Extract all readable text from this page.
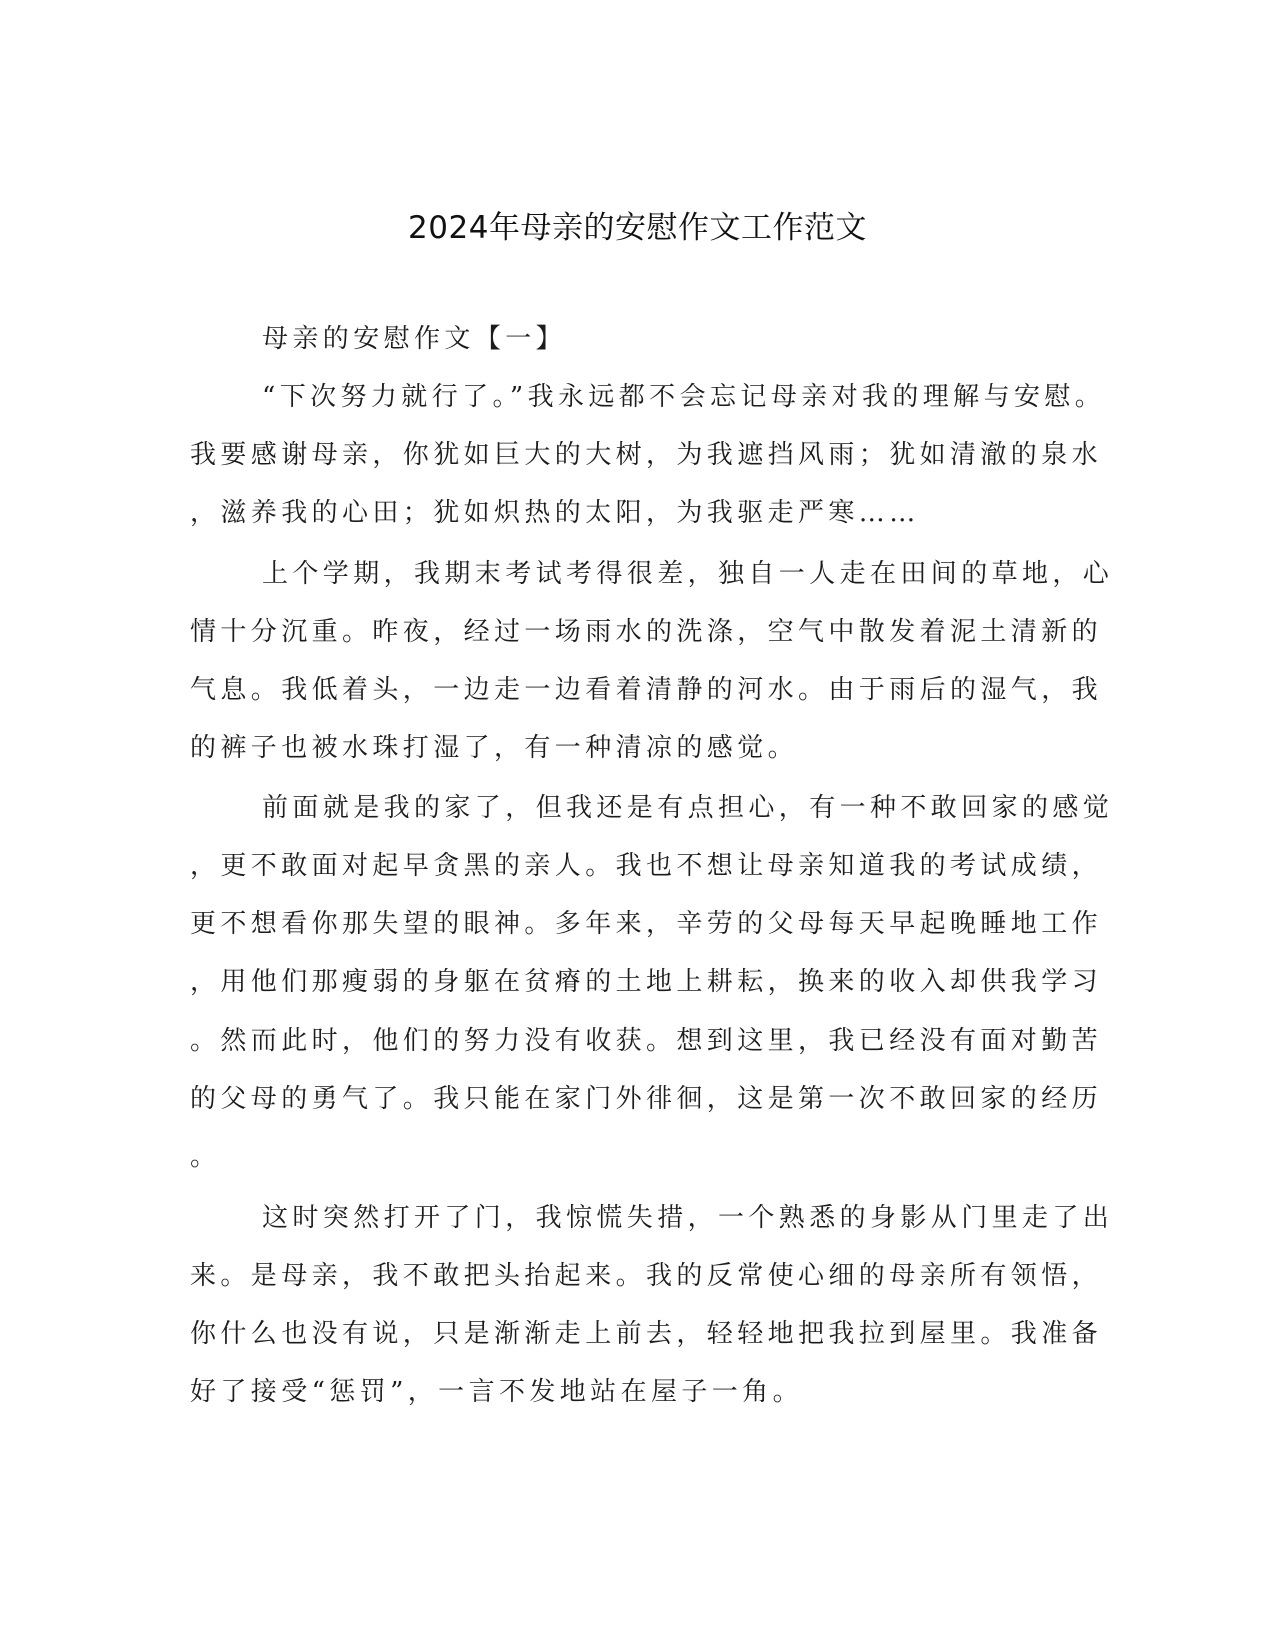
2024年母亲的安慰作文工作范文
母亲的安慰作文【一】
“下次努力就行了。”我永远都不会忘记母亲对我的理解与安慰。
我要感谢母亲，你犹如巨大的大树，为我遮挡风雨；犹如清澈的泉水
，滋养我的心田；犹如炽热的太阳，为我驱走严寒……
上个学期，我期末考试考得很差，独自一人走在田间的草地，心
情十分沉重。昨夜，经过一场雨水的洗涤，空气中散发着泥土清新的
气息。我低着头，一边走一边看着清静的河水。由于雨后的湿气，我
的裤子也被水珠打湿了，有一种清凉的感觉。
前面就是我的家了，但我还是有点担心，有一种不敢回家的感觉
，更不敢面对起早贪黑的亲人。我也不想让母亲知道我的考试成绩，
更不想看你那失望的眼神。多年来，辛劳的父母每天早起晚睡地工作
，用他们那瘦弱的身躯在贫瘠的土地上耕耘，换来的收入却供我学习
。然而此时，他们的努力没有收获。想到这里，我已经没有面对勤苦
的父母的勇气了。我只能在家门外徘徊，这是第一次不敢回家的经历
。
这时突然打开了门，我惊慌失措，一个熟悉的身影从门里走了出
来。是母亲，我不敢把头抬起来。我的反常使心细的母亲所有领悟，
你什么也没有说，只是渐渐走上前去，轻轻地把我拉到屋里。我准备
好了接受“惩罚”，一言不发地站在屋子一角。
